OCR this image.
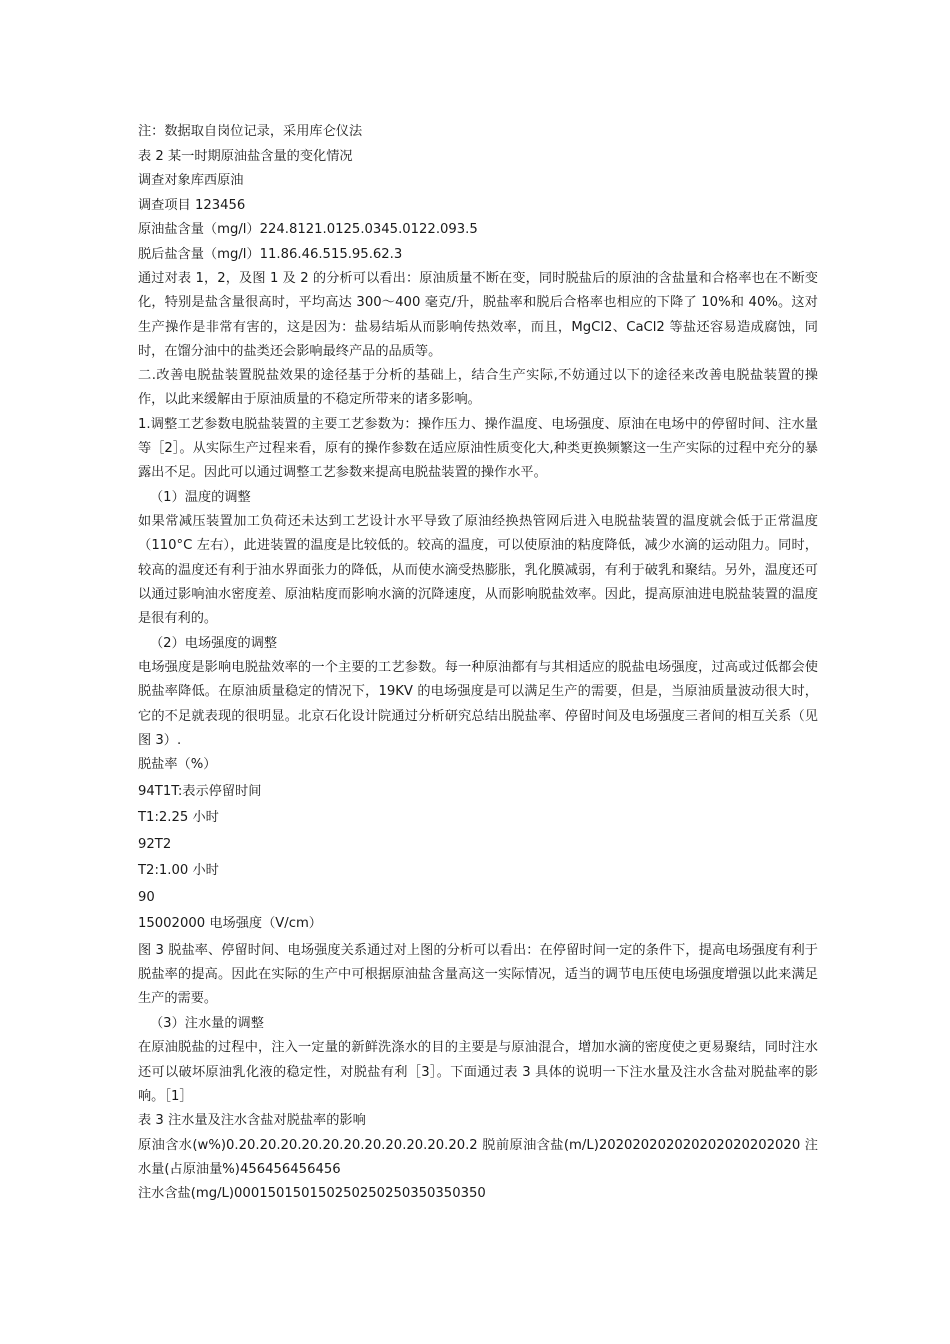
注：数据取自岗位记录，采用库仑仪法
表 2 某一时期原油盐含量的变化情况
调查对象库西原油
调查项目 123456
原油盐含量（mg/l）224.8121.0125.0345.0122.093.5
脱后盐含量（mg/l）11.86.46.515.95.62.3
通过对表 1，2，及图 1 及 2 的分析可以看出：原油质量不断在变，同时脱盐后的原油的含盐量和合格率也在不断变化，特别是盐含量很高时，平均高达 300～400 毫克/升，脱盐率和脱后合格率也相应的下降了 10%和 40%。这对生产操作是非常有害的，这是因为：盐易结垢从而影响传热效率，而且，MgCl2、CaCl2 等盐还容易造成腐蚀，同时，在馏分油中的盐类还会影响最终产品的品质等。
二.改善电脱盐装置脱盐效果的途径基于分析的基础上，结合生产实际,不妨通过以下的途径来改善电脱盐装置的操作，以此来缓解由于原油质量的不稳定所带来的诸多影响。
1.调整工艺参数电脱盐装置的主要工艺参数为：操作压力、操作温度、电场强度、原油在电场中的停留时间、注水量等［2］。从实际生产过程来看，原有的操作参数在适应原油性质变化大,种类更换频繁这一生产实际的过程中充分的暴露出不足。因此可以通过调整工艺参数来提高电脱盐装置的操作水平。
（1）温度的调整
如果常减压装置加工负荷还未达到工艺设计水平导致了原油经换热管网后进入电脱盐装置的温度就会低于正常温度（110°C 左右），此进装置的温度是比较低的。较高的温度，可以使原油的粘度降低，减少水滴的运动阻力。同时，较高的温度还有利于油水界面张力的降低，从而使水滴受热膨胀，乳化膜减弱，有利于破乳和聚结。另外，温度还可以通过影响油水密度差、原油粘度而影响水滴的沉降速度，从而影响脱盐效率。因此，提高原油进电脱盐装置的温度是很有利的。
（2）电场强度的调整
电场强度是影响电脱盐效率的一个主要的工艺参数。每一种原油都有与其相适应的脱盐电场强度，过高或过低都会使脱盐率降低。在原油质量稳定的情况下，19KV 的电场强度是可以满足生产的需要，但是，当原油质量波动很大时，它的不足就表现的很明显。北京石化设计院通过分析研究总结出脱盐率、停留时间及电场强度三者间的相互关系（见图 3）.
脱盐率（%）
94T1T:表示停留时间
T1:2.25 小时
92T2
T2:1.00 小时
90
15002000 电场强度（V/cm）
图 3 脱盐率、停留时间、电场强度关系通过对上图的分析可以看出：在停留时间一定的条件下，提高电场强度有利于脱盐率的提高。因此在实际的生产中可根据原油盐含量高这一实际情况，适当的调节电压使电场强度增强以此来满足生产的需要。
（3）注水量的调整
在原油脱盐的过程中，注入一定量的新鲜洗涤水的目的主要是与原油混合，增加水滴的密度使之更易聚结，同时注水还可以破坏原油乳化液的稳定性，对脱盐有利［3］。下面通过表 3 具体的说明一下注水量及注水含盐对脱盐率的影响。［1］
表 3 注水量及注水含盐对脱盐率的影响
原油含水(w%)0.20.20.20.20.20.20.20.20.20.20.20.2 脱前原油含盐(m/L)202020202020202020202020 注水量(占原油量%)456456456456
注水含盐(mg/L)000150150150250250250350350350
